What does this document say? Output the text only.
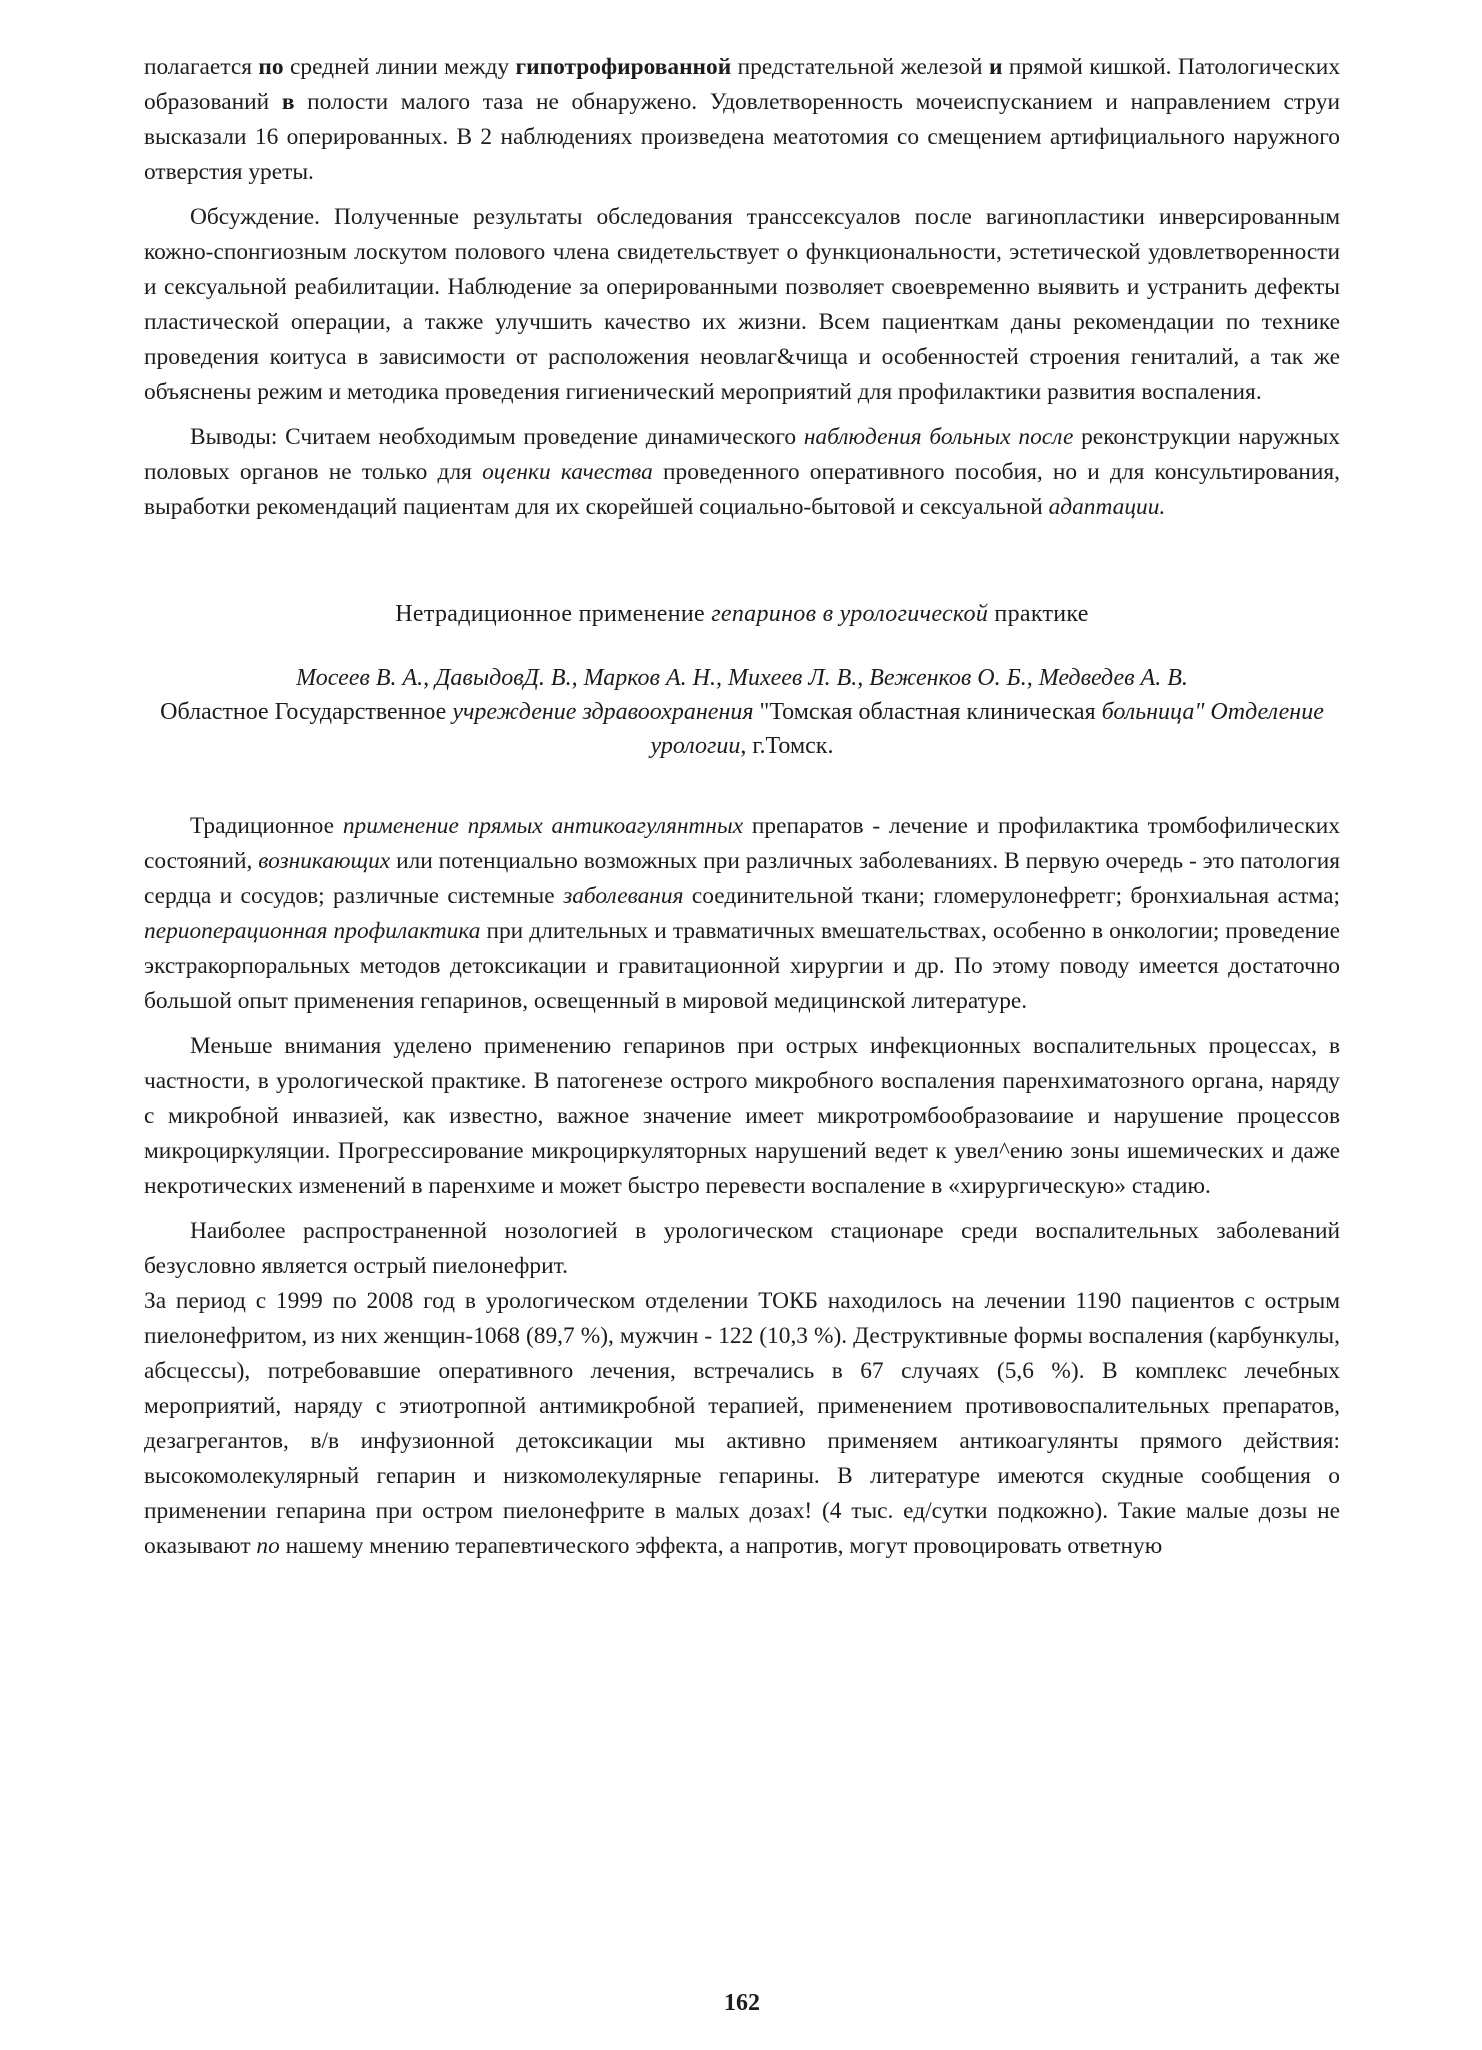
полагается по средней линии между гипотрофированной предстательной железой и прямой кишкой. Патологических образований в полости малого таза не обнаружено. Удовлетворенность мочеиспусканием и направлением струи высказали 16 оперированных. В 2 наблюдениях произведена меатотомия со смещением артифициального наружного отверстия уреты.

Обсуждение. Полученные результаты обследования транссексуалов после вагинопластики инверсированным кожно-спонгиозным лоскутом полового члена свидетельствует о функциональности, эстетической удовлетворенности и сексуальной реабилитации. Наблюдение за оперированными позволяет своевременно выявить и устранить дефекты пластической операции, а также улучшить качество их жизни. Всем пациенткам даны рекомендации по технике проведения коитуса в зависимости от расположения неовлаг&чища и особенностей строения гениталий, а так же объяснены режим и методика проведения гигиенический мероприятий для профилактики развития воспаления.

Выводы: Считаем необходимым проведение динамического наблюдения больных после реконструкции наружных половых органов не только для оценки качества проведенного оперативного пособия, но и для консультирования, выработки рекомендаций пациентам для их скорейшей социально-бытовой и сексуальной адаптации.

Нетрадиционное применение гепаринов в урологической практике

Мосеев В. А., ДавыдовД. В., Марков А. Н., Михеев Л. В., Веженков О. Б., Медведев А. В.

Областное Государственное учреждение здравоохранения "Томская областная клиническая больница" Отделение урологии, г.Томск.

Традиционное применение прямых антикоагулянтных препаратов - лечение и профилактика тромбофилических состояний, возникающих или потенциально возможных при различных заболеваниях. В первую очередь - это патология сердца и сосудов; различные системные заболевания соединительной ткани; гломерулонефретг; бронхиальная астма; периоперационная профилактика при длительных и травматичных вмешательствах, особенно в онкологии; проведение экстракорпоральных методов детоксикации и гравитационной хирургии и др. По этому поводу имеется достаточно большой опыт применения гепаринов, освещенный в мировой медицинской литературе.

Меньше внимания уделено применению гепаринов при острых инфекционных воспалительных процессах, в частности, в урологической практике. В патогенезе острого микробного воспаления паренхиматозного органа, наряду с микробной инвазией, как известно, важное значение имеет микротромбообразоваиие и нарушение процессов микроциркуляции. Прогрессирование микроциркуляторных нарушений ведет к увел^ению зоны ишемических и даже некротических изменений в паренхиме и может быстро перевести воспаление в «хирургическую» стадию.

Наиболее распространенной нозологией в урологическом стационаре среди воспалительных заболеваний безусловно является острый пиелонефрит.
За период с 1999 по 2008 год в урологическом отделении ТОКБ находилось на лечении 1190 пациентов с острым пиелонефритом, из них женщин-1068 (89,7 %), мужчин - 122 (10,3 %). Деструктивные формы воспаления (карбункулы, абсцессы), потребовавшие оперативного лечения, встречались в 67 случаях (5,6 %). В комплекс лечебных мероприятий, наряду с этиотропной антимикробной терапией, применением противовоспалительных препаратов, дезагрегантов, в/в инфузионной детоксикации мы активно применяем антикоагулянты прямого действия: высокомолекулярный гепарин и низкомолекулярные гепарины. В литературе имеются скудные сообщения о применении гепарина при остром пиелонефрите в малых дозах! (4 тыс. ед/сутки подкожно). Такие малые дозы не оказывают по нашему мнению терапевтического эффекта, а напротив, могут провоцировать ответную

162
